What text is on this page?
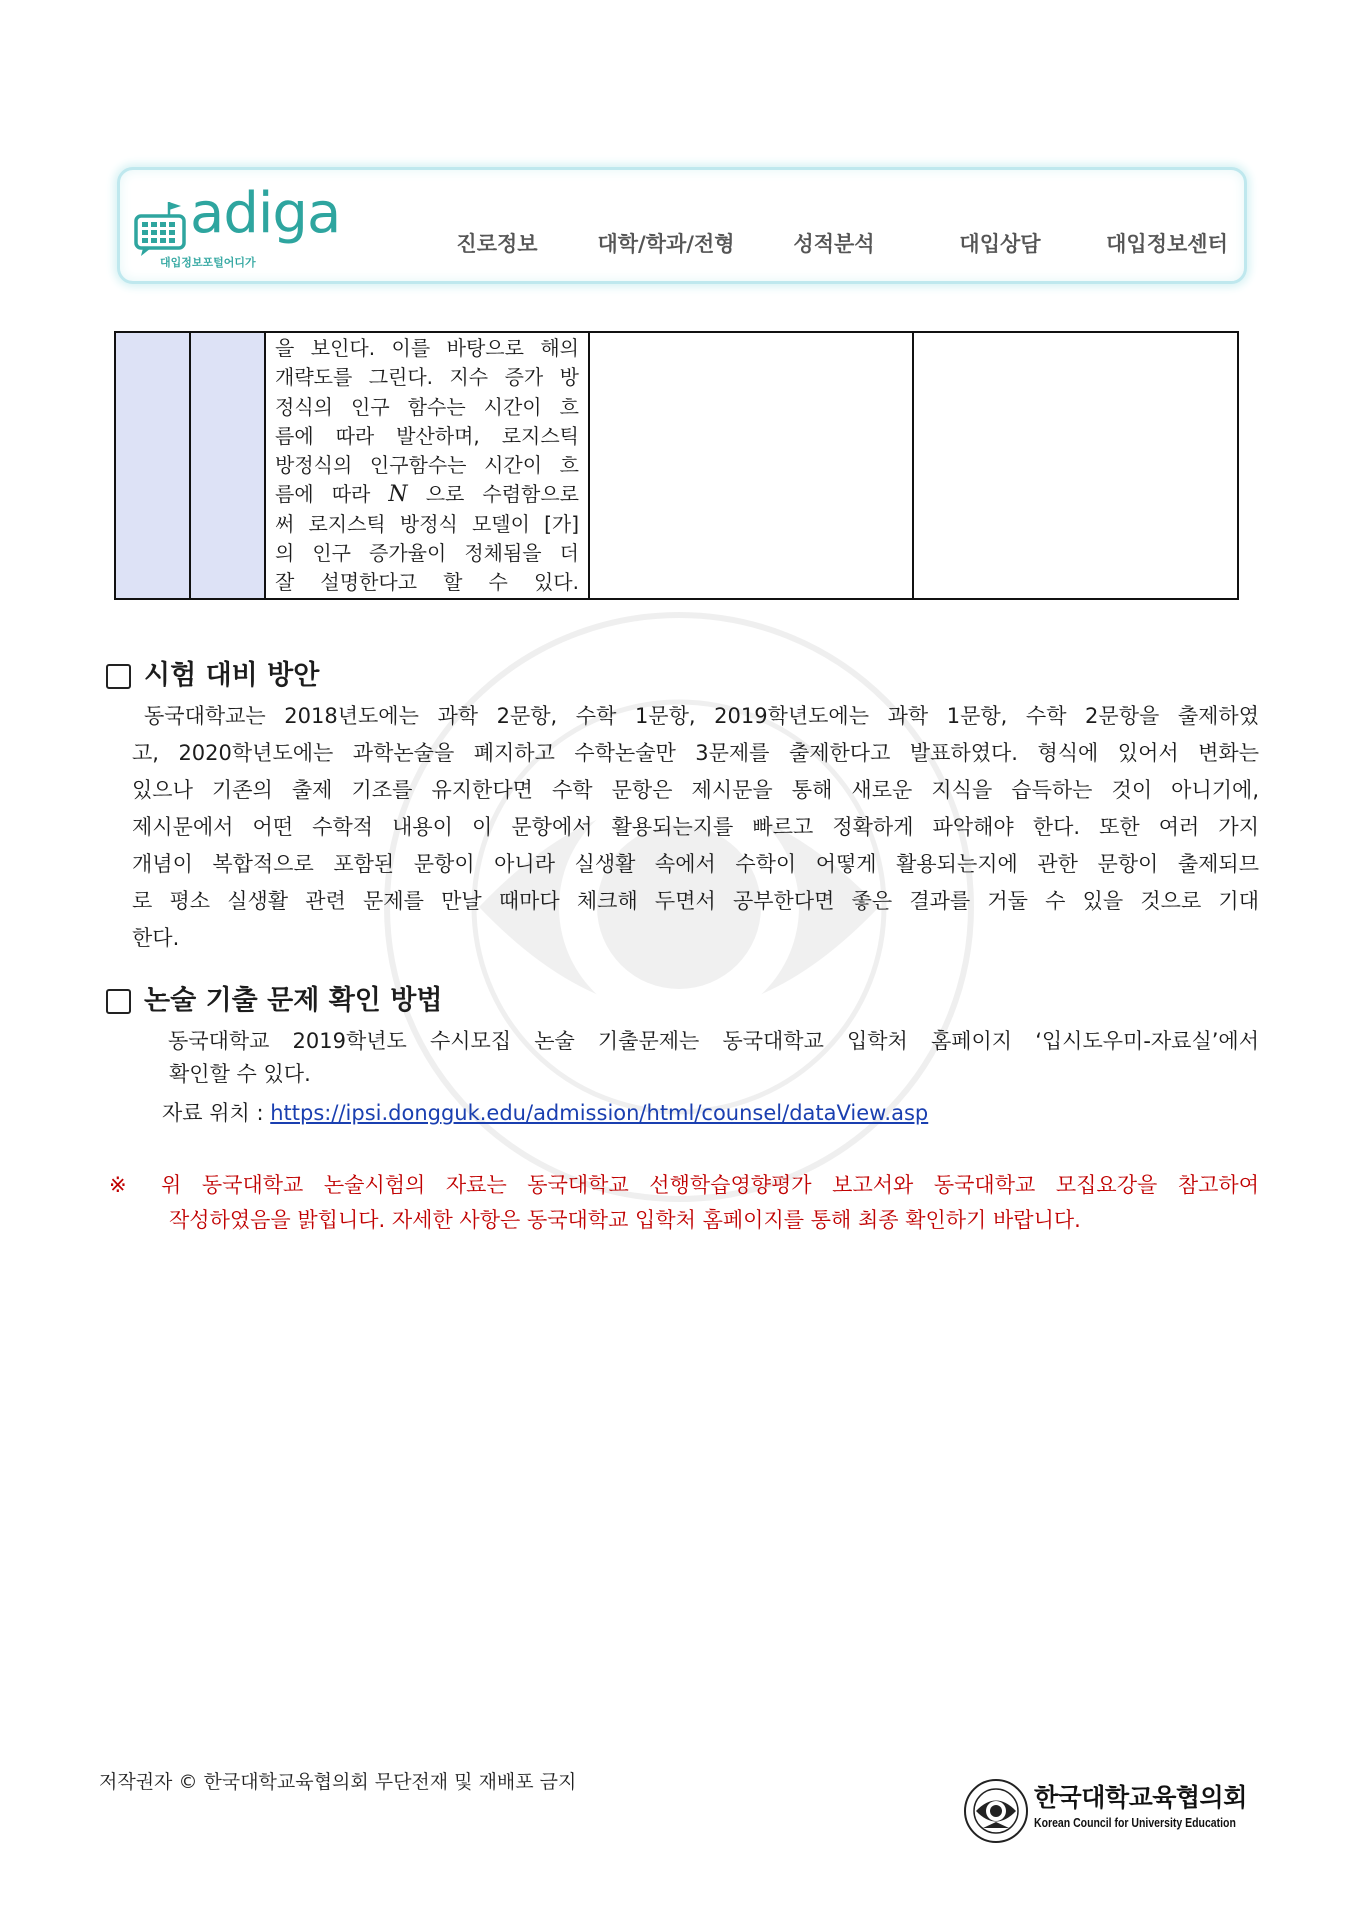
adiga
대입정보포털어디가
진로정보	대학/학과/전형	성적분석	대입상담	대입정보센터

을 보인다. 이를 바탕으로 해의
개략도를 그린다. 지수 증가 방
정식의 인구 함수는 시간이 흐
름에 따라 발산하며, 로지스틱
방정식의 인구함수는 시간이 흐
름에 따라 N 으로 수렴함으로
써 로지스틱 방정식 모델이 [가]
의 인구 증가율이 정체됨을 더
잘 설명한다고 할 수 있다.

시험 대비 방안
동국대학교는 2018년도에는 과학 2문항, 수학 1문항, 2019학년도에는 과학 1문항, 수학 2문항을 출제하였
고, 2020학년도에는 과학논술을 폐지하고 수학논술만 3문제를 출제한다고 발표하였다. 형식에 있어서 변화는
있으나 기존의 출제 기조를 유지한다면 수학 문항은 제시문을 통해 새로운 지식을 습득하는 것이 아니기에,
제시문에서 어떤 수학적 내용이 이 문항에서 활용되는지를 빠르고 정확하게 파악해야 한다. 또한 여러 가지
개념이 복합적으로 포함된 문항이 아니라 실생활 속에서 수학이 어떻게 활용되는지에 관한 문항이 출제되므
로 평소 실생활 관련 문제를 만날 때마다 체크해 두면서 공부한다면 좋은 결과를 거둘 수 있을 것으로 기대
한다.
논술 기출 문제 확인 방법
동국대학교 2019학년도 수시모집 논술 기출문제는 동국대학교 입학처 홈페이지 ‘입시도우미-자료실’에서
확인할 수 있다.
자료 위치 : https://ipsi.dongguk.edu/admission/html/counsel/dataView.asp
※ 위 동국대학교 논술시험의 자료는 동국대학교 선행학습영향평가 보고서와 동국대학교 모집요강을 참고하여
작성하였음을 밝힙니다. 자세한 사항은 동국대학교 입학처 홈페이지를 통해 최종 확인하기 바랍니다.
저작권자 © 한국대학교육협의회 무단전재 및 재배포 금지
한국대학교육협의회
Korean Council for University Education
